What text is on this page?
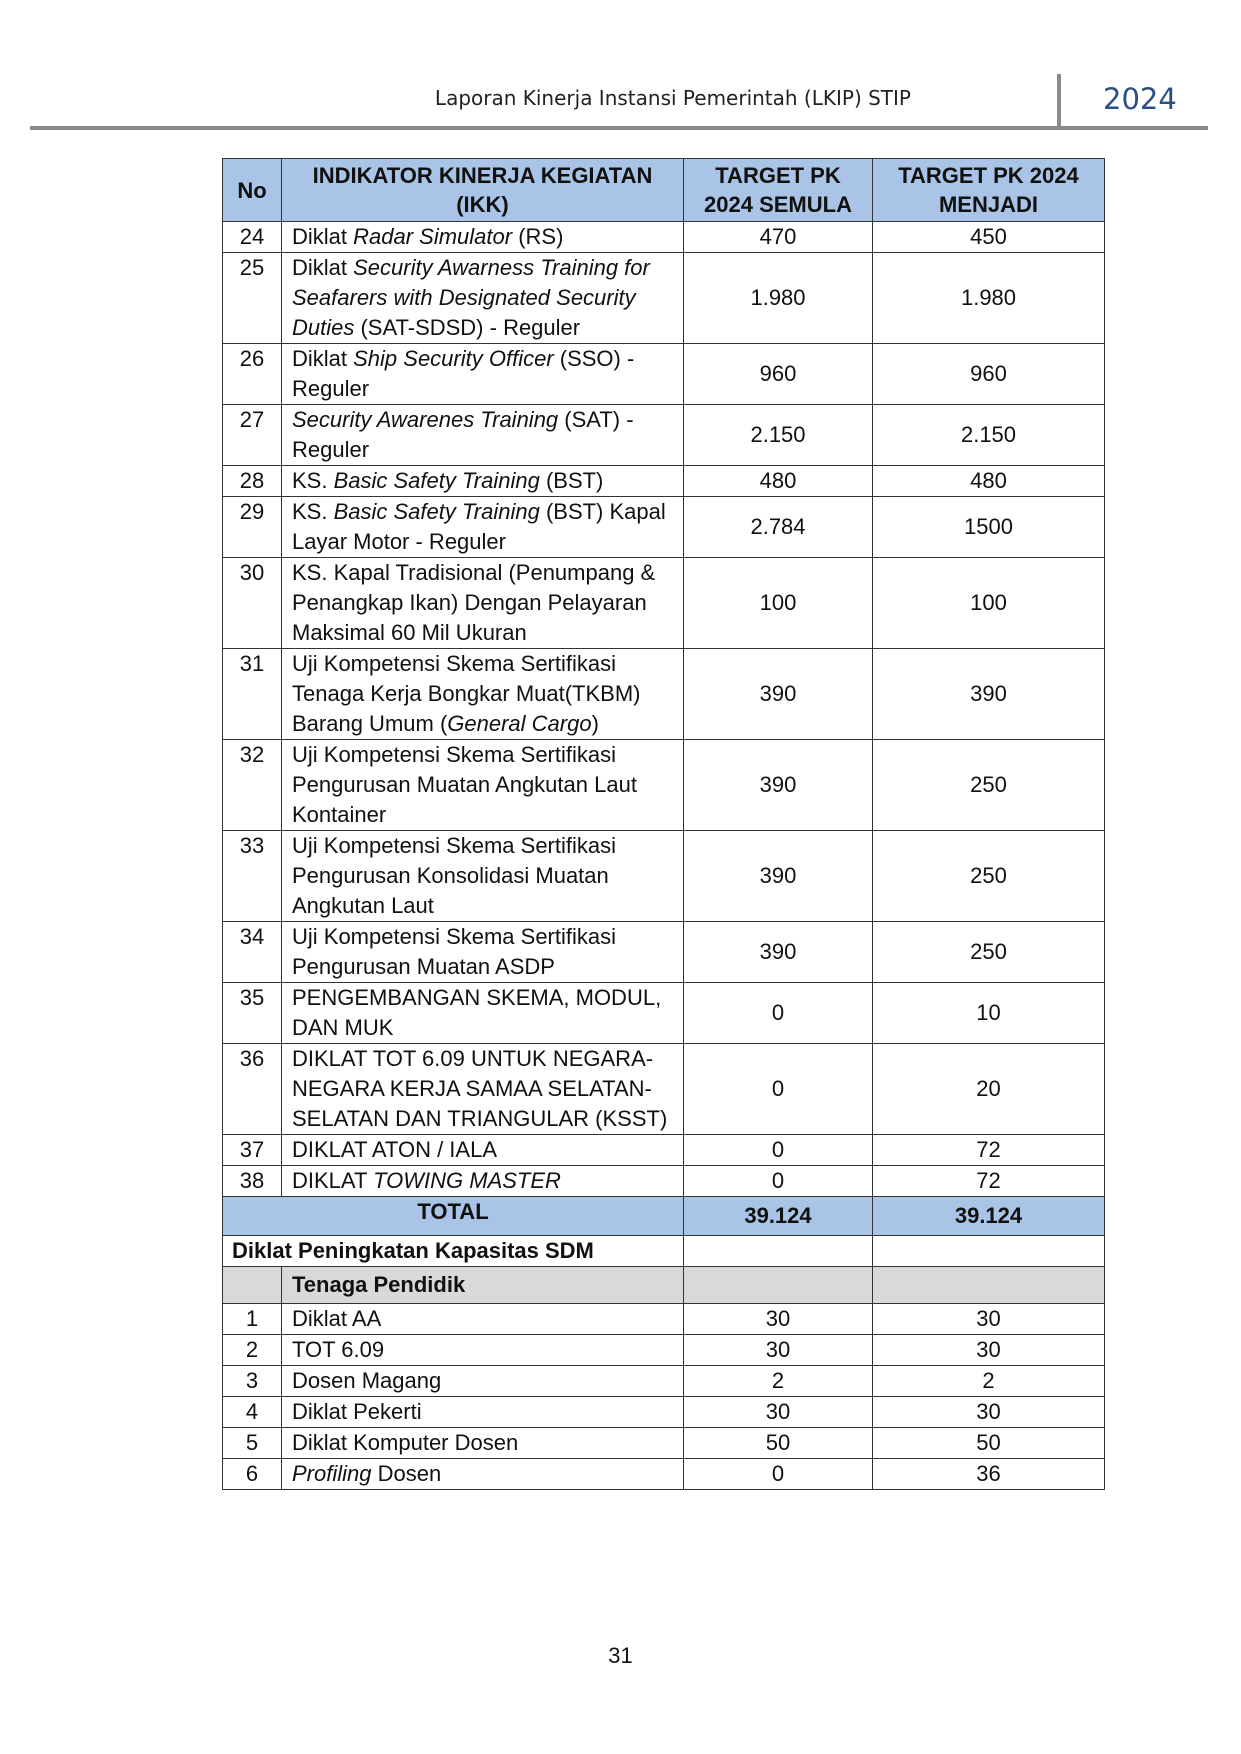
Laporan Kinerja Instansi Pemerintah (LKIP) STIP	2024
No	INDIKATOR KINERJA KEGIATAN (IKK)	TARGET PK 2024 SEMULA	TARGET PK 2024 MENJADI
24	Diklat Radar Simulator (RS)	470	450
25	Diklat Security Awarness Training for Seafarers with Designated Security Duties (SAT-SDSD) - Reguler	1.980	1.980
26	Diklat Ship Security Officer (SSO) - Reguler	960	960
27	Security Awarenes Training (SAT) - Reguler	2.150	2.150
28	KS. Basic Safety Training (BST)	480	480
29	KS. Basic Safety Training (BST) Kapal Layar Motor - Reguler	2.784	1500
30	KS. Kapal Tradisional (Penumpang & Penangkap Ikan) Dengan Pelayaran Maksimal 60 Mil Ukuran	100	100
31	Uji Kompetensi Skema Sertifikasi Tenaga Kerja Bongkar Muat(TKBM) Barang Umum (General Cargo)	390	390
32	Uji Kompetensi Skema Sertifikasi Pengurusan Muatan Angkutan Laut Kontainer	390	250
33	Uji Kompetensi Skema Sertifikasi Pengurusan Konsolidasi Muatan Angkutan Laut	390	250
34	Uji Kompetensi Skema Sertifikasi Pengurusan Muatan ASDP	390	250
35	PENGEMBANGAN SKEMA, MODUL, DAN MUK	0	10
36	DIKLAT TOT 6.09 UNTUK NEGARA-NEGARA KERJA SAMAA SELATAN-SELATAN DAN TRIANGULAR (KSST)	0	20
37	DIKLAT ATON / IALA	0	72
38	DIKLAT TOWING MASTER	0	72
TOTAL		39.124	39.124
Diklat Peningkatan Kapasitas SDM			
	Tenaga Pendidik		
1	Diklat AA	30	30
2	TOT 6.09	30	30
3	Dosen Magang	2	2
4	Diklat Pekerti	30	30
5	Diklat Komputer Dosen	50	50
6	Profiling Dosen	0	36
31
